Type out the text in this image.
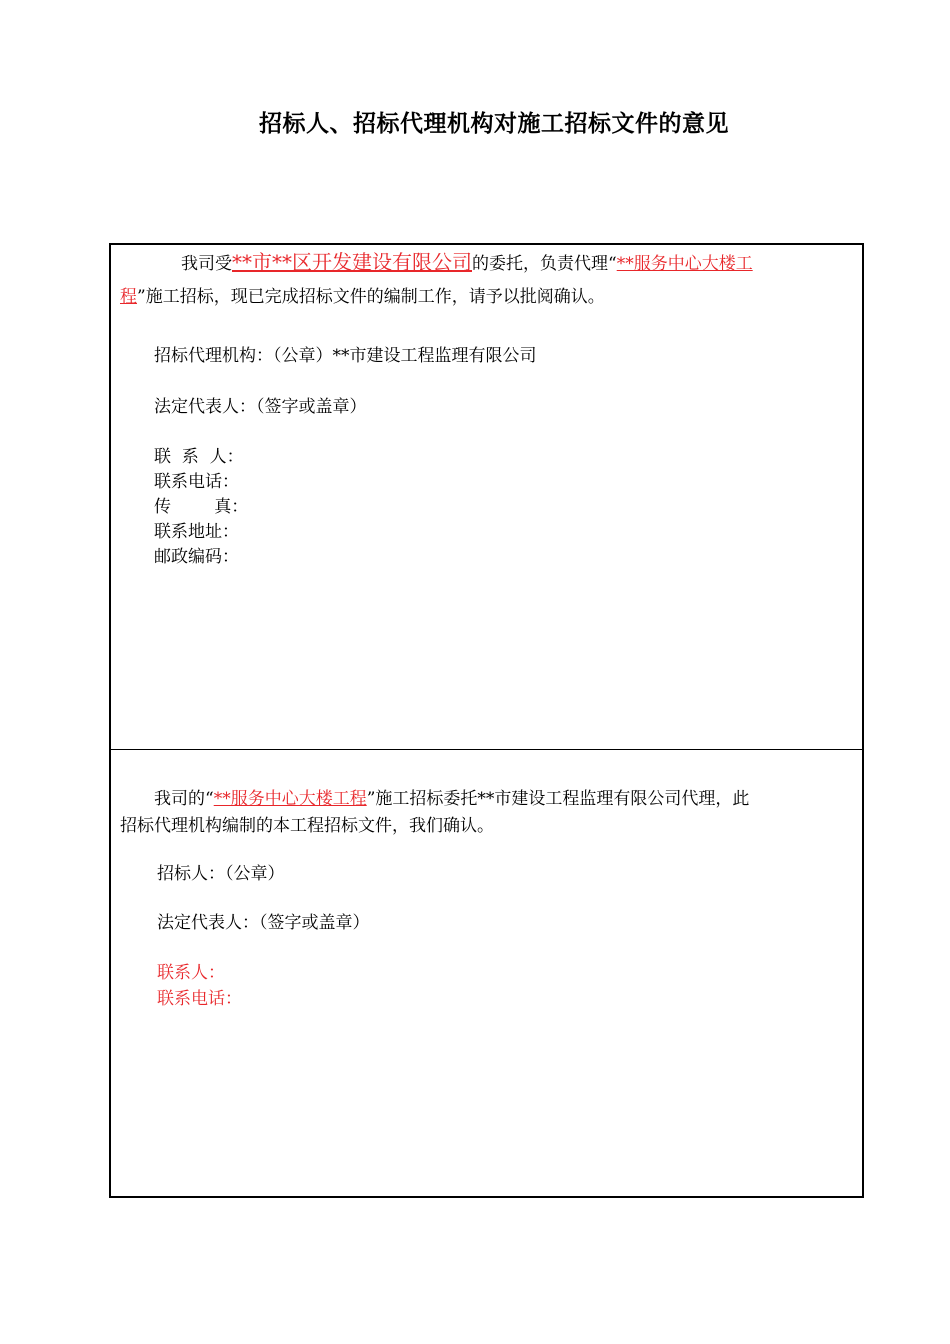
招标人、招标代理机构对施工招标文件的意见
我司受**市**区开发建设有限公司的委托，负责代理“**服务中心大楼工
程”施工招标，现已完成招标文件的编制工作，请予以批阅确认。
招标代理机构：（公章）**市建设工程监理有限公司
法定代表人：（签字或盖章）
联  系  人：
联系电话：
传        真：
联系地址：
邮政编码：
我司的“**服务中心大楼工程”施工招标委托**市建设工程监理有限公司代理，此
招标代理机构编制的本工程招标文件，我们确认。
招标人：（公章）
法定代表人：（签字或盖章）
联系人：
联系电话：
